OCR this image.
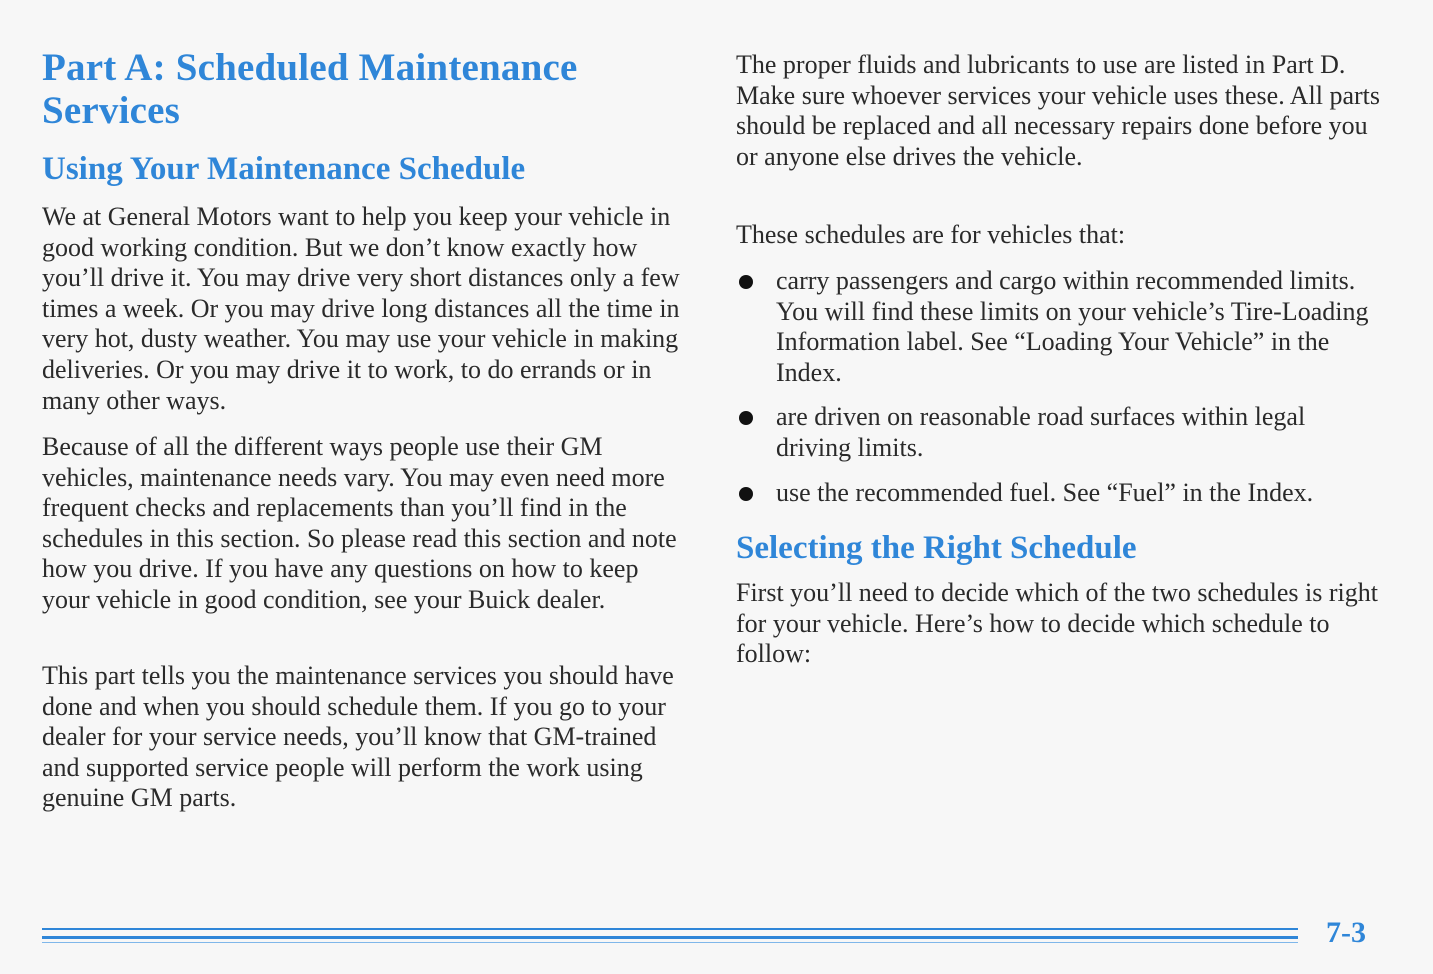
Part A: Scheduled Maintenance Services
Using Your Maintenance Schedule

We at General Motors want to help you keep your vehicle in good working condition. But we don’t know exactly how you’ll drive it. You may drive very short distances only a few times a week. Or you may drive long distances all the time in very hot, dusty weather. You may use your vehicle in making deliveries. Or you may drive it to work, to do errands or in many other ways.

Because of all the different ways people use their GM vehicles, maintenance needs vary. You may even need more frequent checks and replacements than you’ll find in the schedules in this section. So please read this section and note how you drive. If you have any questions on how to keep your vehicle in good condition, see your Buick dealer.

This part tells you the maintenance services you should have done and when you should schedule them. If you go to your dealer for your service needs, you’ll know that GM-trained and supported service people will perform the work using genuine GM parts.

The proper fluids and lubricants to use are listed in Part D. Make sure whoever services your vehicle uses these. All parts should be replaced and all necessary repairs done before you or anyone else drives the vehicle.

These schedules are for vehicles that:

carry passengers and cargo within recommended limits. You will find these limits on your vehicle’s Tire-Loading Information label. See “Loading Your Vehicle” in the Index.
are driven on reasonable road surfaces within legal driving limits.
use the recommended fuel. See “Fuel” in the Index.
Selecting the Right Schedule

First you’ll need to decide which of the two schedules is right for your vehicle. Here’s how to decide which schedule to follow:

7-3
